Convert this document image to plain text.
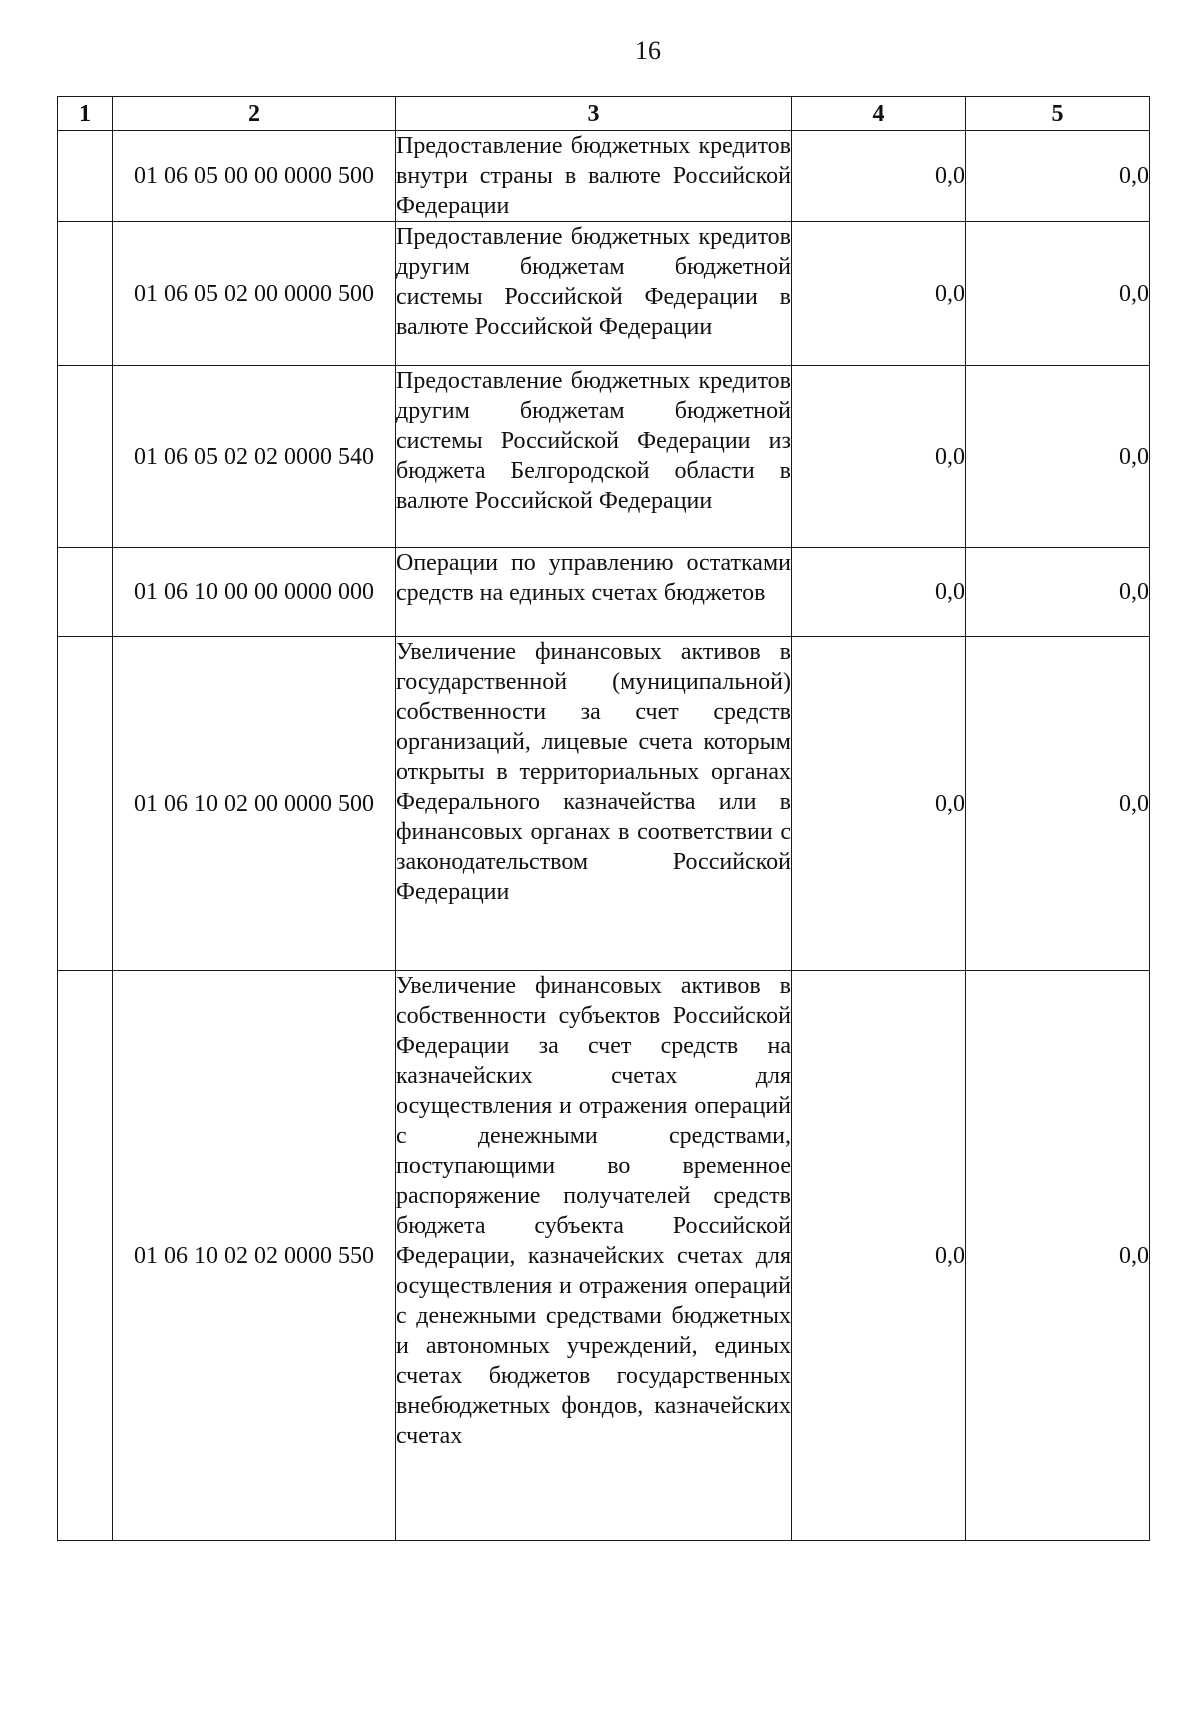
16
1	2	3	4	5
	01 06 05 00 00 0000 500	Предоставление бюджетных кредитов внутри страны в валюте Российской Федерации	0,0	0,0
	01 06 05 02 00 0000 500	Предоставление бюджетных кредитов другим бюджетам бюджетной системы Российской Федерации в валюте Российской Федерации	0,0	0,0
	01 06 05 02 02 0000 540	Предоставление бюджетных кредитов другим бюджетам бюджетной системы Российской Федерации из бюджета Белгородской области в валюте Российской Федерации	0,0	0,0
	01 06 10 00 00 0000 000	Операции по управлению остатками средств на единых счетах бюджетов	0,0	0,0
	01 06 10 02 00 0000 500	Увеличение финансовых активов в государственной (муниципальной) собственности за счет средств организаций, лицевые счета которым открыты в территориальных органах Федерального казначейства или в финансовых органах в соответствии с законодательством Российской Федерации	0,0	0,0
	01 06 10 02 02 0000 550	Увеличение финансовых активов в собственности субъектов Российской Федерации за счет средств на казначейских счетах для осуществления и отражения операций с денежными средствами, поступающими во временное распоряжение получателей средств бюджета субъекта Российской Федерации, казначейских счетах для осуществления и отражения операций с денежными средствами бюджетных и автономных учреждений, единых счетах бюджетов государственных внебюджетных фондов, казначейских счетах	0,0	0,0
